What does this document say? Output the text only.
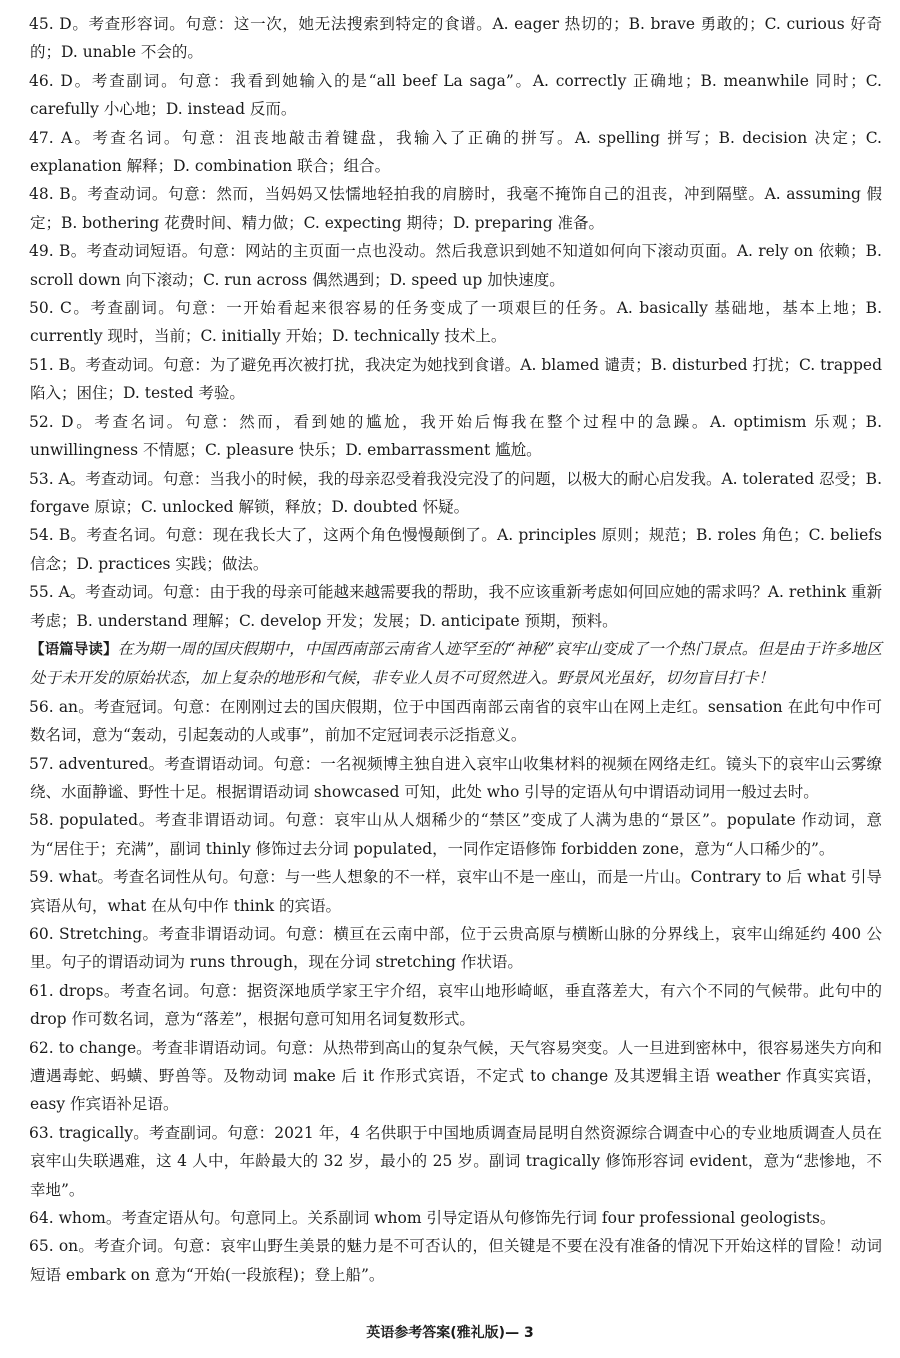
45. D。考查形容词。句意：这一次，她无法搜索到特定的食谱。A. eager 热切的；B. brave 勇敢的；C. curious 好奇的；D. unable 不会的。

46. D。考查副词。句意：我看到她输入的是“all beef La saga”。A. correctly 正确地；B. meanwhile 同时；C. carefully 小心地；D. instead 反而。

47. A。考查名词。句意：沮丧地敲击着键盘，我输入了正确的拼写。A. spelling 拼写；B. decision 决定；C. explanation 解释；D. combination 联合；组合。

48. B。考查动词。句意：然而，当妈妈又怯懦地轻拍我的肩膀时，我毫不掩饰自己的沮丧，冲到隔壁。A. assuming 假定；B. bothering 花费时间、精力做；C. expecting 期待；D. preparing 准备。

49. B。考查动词短语。句意：网站的主页面一点也没动。然后我意识到她不知道如何向下滚动页面。A. rely on 依赖；B. scroll down 向下滚动；C. run across 偶然遇到；D. speed up 加快速度。

50. C。考查副词。句意：一开始看起来很容易的任务变成了一项艰巨的任务。A. basically 基础地，基本上地；B. currently 现时，当前；C. initially 开始；D. technically 技术上。

51. B。考查动词。句意：为了避免再次被打扰，我决定为她找到食谱。A. blamed 谴责；B. disturbed 打扰；C. trapped 陷入；困住；D. tested 考验。

52. D。考查名词。句意：然而，看到她的尴尬，我开始后悔我在整个过程中的急躁。A. optimism 乐观；B. unwillingness 不情愿；C. pleasure 快乐；D. embarrassment 尴尬。

53. A。考查动词。句意：当我小的时候，我的母亲忍受着我没完没了的问题，以极大的耐心启发我。A. tolerated 忍受；B. forgave 原谅；C. unlocked 解锁，释放；D. doubted 怀疑。

54. B。考查名词。句意：现在我长大了，这两个角色慢慢颠倒了。A. principles 原则；规范；B. roles 角色；C. beliefs 信念；D. practices 实践；做法。

55. A。考查动词。句意：由于我的母亲可能越来越需要我的帮助，我不应该重新考虑如何回应她的需求吗？A. rethink 重新考虑；B. understand 理解；C. develop 开发；发展；D. anticipate 预期，预料。

【语篇导读】在为期一周的国庆假期中，中国西南部云南省人迹罕至的“神秘”哀牢山变成了一个热门景点。但是由于许多地区处于未开发的原始状态，加上复杂的地形和气候，非专业人员不可贸然进入。野景风光虽好，切勿盲目打卡！

56. an。考查冠词。句意：在刚刚过去的国庆假期，位于中国西南部云南省的哀牢山在网上走红。sensation 在此句中作可数名词，意为“轰动，引起轰动的人或事”，前加不定冠词表示泛指意义。

57. adventured。考查谓语动词。句意：一名视频博主独自进入哀牢山收集材料的视频在网络走红。镜头下的哀牢山云雾缭绕、水面静谧、野性十足。根据谓语动词 showcased 可知，此处 who 引导的定语从句中谓语动词用一般过去时。

58. populated。考查非谓语动词。句意：哀牢山从人烟稀少的“禁区”变成了人满为患的“景区”。populate 作动词，意为“居住于；充满”，副词 thinly 修饰过去分词 populated，一同作定语修饰 forbidden zone，意为“人口稀少的”。

59. what。考查名词性从句。句意：与一些人想象的不一样，哀牢山不是一座山，而是一片山。Contrary to 后 what 引导宾语从句，what 在从句中作 think 的宾语。

60. Stretching。考查非谓语动词。句意：横亘在云南中部，位于云贵高原与横断山脉的分界线上，哀牢山绵延约 400 公里。句子的谓语动词为 runs through，现在分词 stretching 作状语。

61. drops。考查名词。句意：据资深地质学家王宇介绍，哀牢山地形崎岖，垂直落差大，有六个不同的气候带。此句中的 drop 作可数名词，意为“落差”，根据句意可知用名词复数形式。

62. to change。考查非谓语动词。句意：从热带到高山的复杂气候，天气容易突变。人一旦进到密林中，很容易迷失方向和遭遇毒蛇、蚂蟥、野兽等。及物动词 make 后 it 作形式宾语，不定式 to change 及其逻辑主语 weather 作真实宾语，easy 作宾语补足语。

63. tragically。考查副词。句意：2021 年，4 名供职于中国地质调查局昆明自然资源综合调查中心的专业地质调查人员在哀牢山失联遇难，这 4 人中，年龄最大的 32 岁，最小的 25 岁。副词 tragically 修饰形容词 evident，意为“悲惨地，不幸地”。

64. whom。考查定语从句。句意同上。关系副词 whom 引导定语从句修饰先行词 four professional geologists。

65. on。考查介词。句意：哀牢山野生美景的魅力是不可否认的，但关键是不要在没有准备的情况下开始这样的冒险！动词短语 embark on 意为“开始(一段旅程)；登上船”。

英语参考答案(雅礼版)— 3
